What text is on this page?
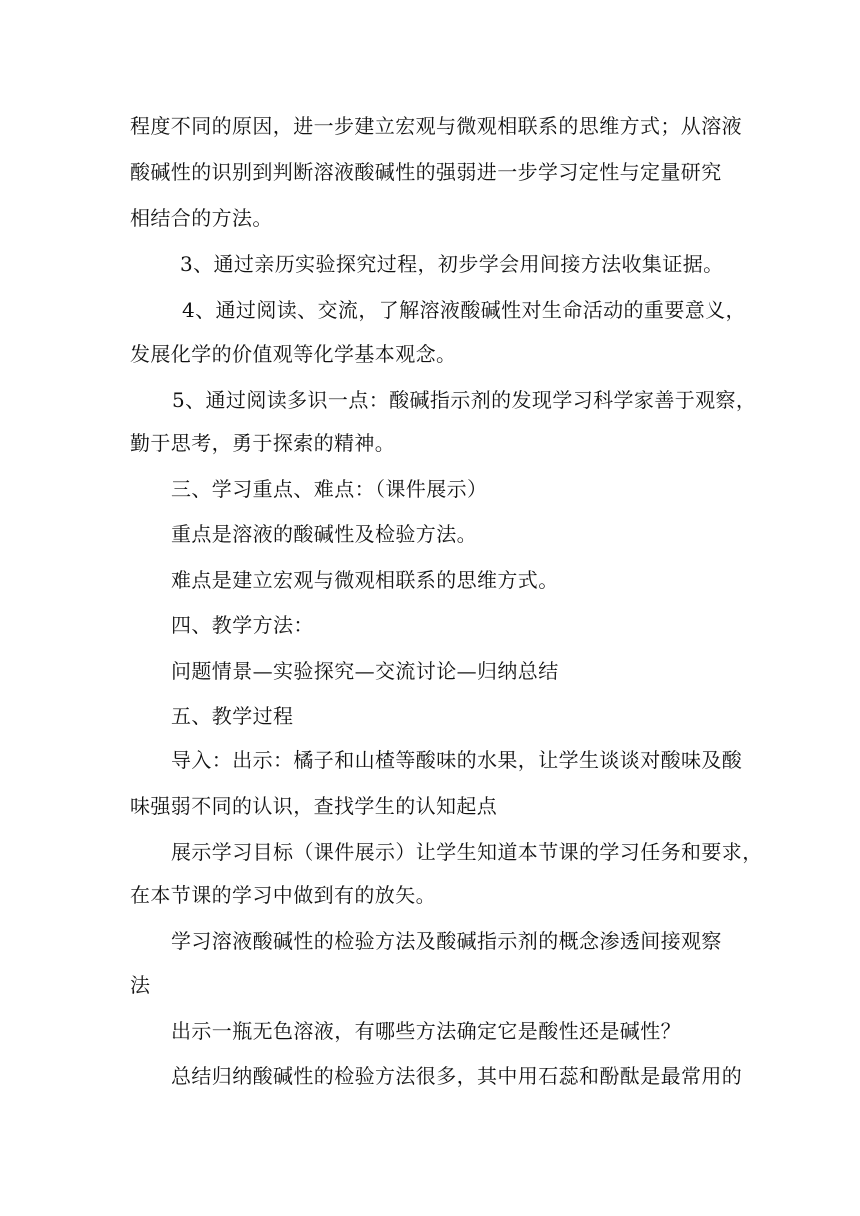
程度不同的原因，进一步建立宏观与微观相联系的思维方式；从溶液
酸碱性的识别到判断溶液酸碱性的强弱进一步学习定性与定量研究
相结合的方法。
3、通过亲历实验探究过程，初步学会用间接方法收集证据。
4、通过阅读、交流，了解溶液酸碱性对生命活动的重要意义，
发展化学的价值观等化学基本观念。
5、通过阅读多识一点：酸碱指示剂的发现学习科学家善于观察，
勤于思考，勇于探索的精神。
三、学习重点、难点：（课件展示）
重点是溶液的酸碱性及检验方法。
难点是建立宏观与微观相联系的思维方式。
四、教学方法：
问题情景—实验探究—交流讨论—归纳总结
五、教学过程
导入：出示：橘子和山楂等酸味的水果，让学生谈谈对酸味及酸
味强弱不同的认识，查找学生的认知起点
展示学习目标（课件展示）让学生知道本节课的学习任务和要求，
在本节课的学习中做到有的放矢。
学习溶液酸碱性的检验方法及酸碱指示剂的概念渗透间接观察
法
出示一瓶无色溶液，有哪些方法确定它是酸性还是碱性？
总结归纳酸碱性的检验方法很多，其中用石蕊和酚酞是最常用的
